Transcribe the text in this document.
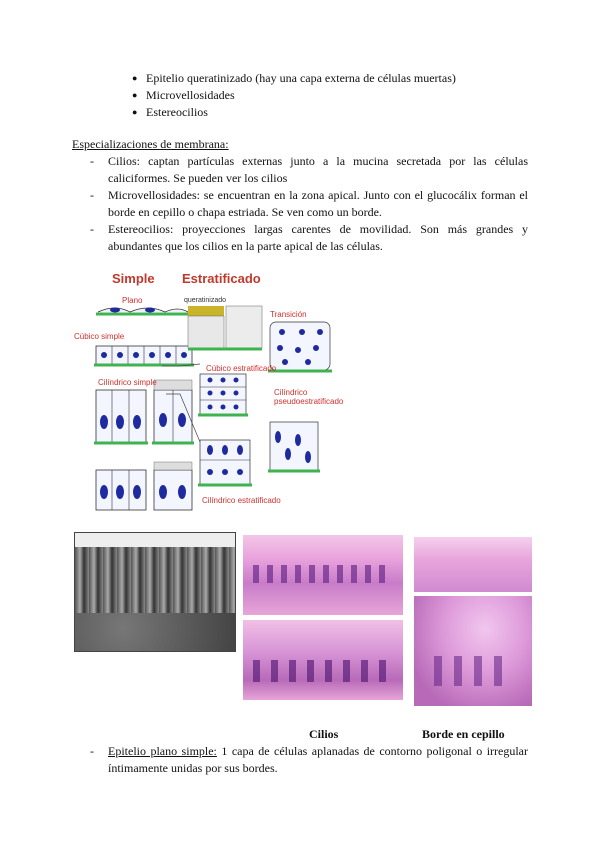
● Epitelio queratinizado (hay una capa externa de células muertas)
● Microvellosidades
● Estereocilios
Especializaciones de membrana:
- Cilios: captan partículas externas junto a la mucina secretada por las células caliciformes. Se pueden ver los cilios
- Microvellosidades: se encuentran en la zona apical. Junto con el glucocálix forman el borde en cepillo o chapa estriada. Se ven como un borde.
- Estereocilios: proyecciones largas carentes de movilidad. Son más grandes y abundantes que los cilios en la parte apical de las células.
Simple Estratificado
Plano	queratinizado
Transición
Cúbico simple
Cúbico estratificado
Cilíndrico simple
Cilíndrico pseudoestratificado
Cilíndrico estratificado
Cilios	Borde en cepillo
- Epitelio plano simple: 1 capa de células aplanadas de contorno poligonal o irregular íntimamente unidas por sus bordes.
